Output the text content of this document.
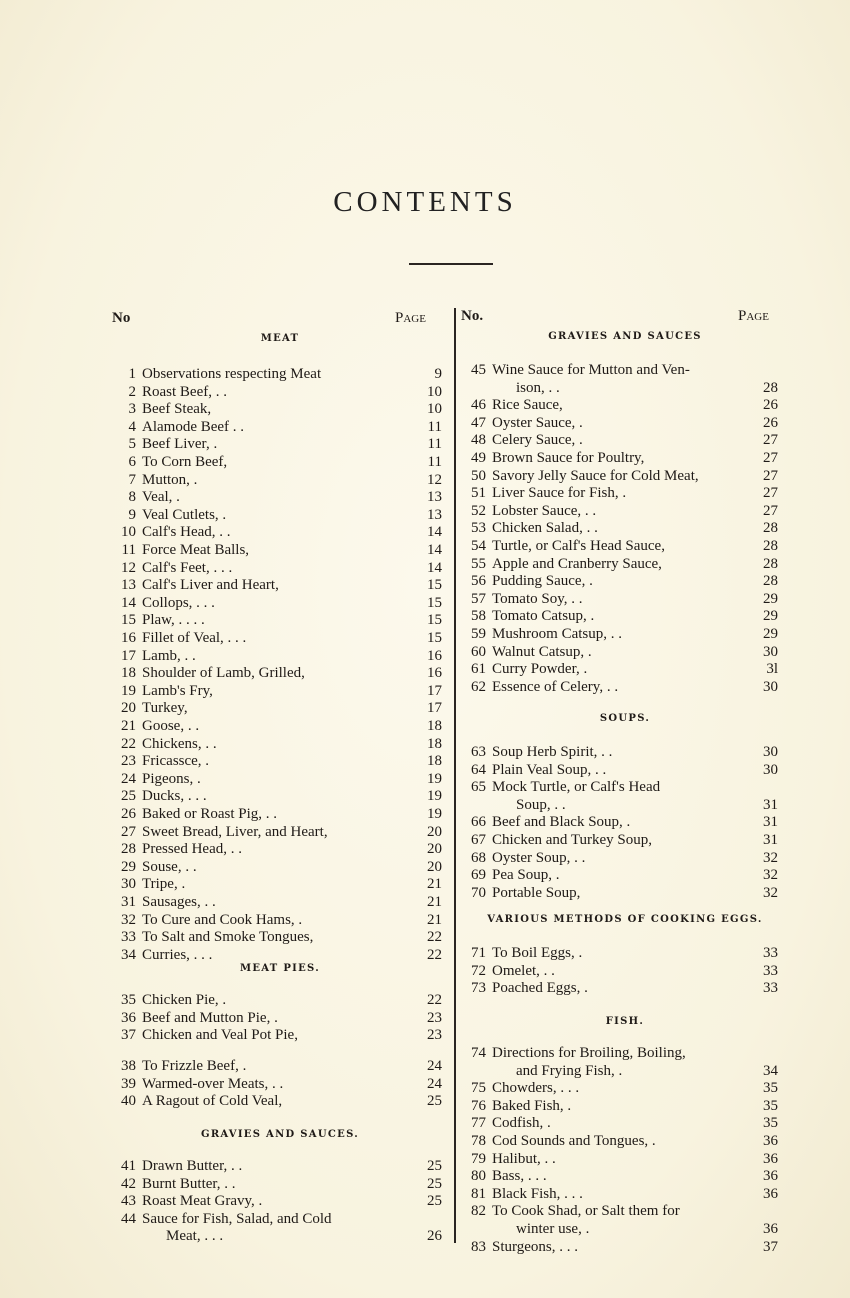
CONTENTS
No	Page No.	Page
MEAT
1 Observations respecting Meat	9
2 Roast Beef, . .	10
3 Beef Steak,	10
4 Alamode Beef . .	11
5 Beef Liver, .	11
6 To Corn Beef,	11
7 Mutton, .	12
8 Veal, .	13
9 Veal Cutlets, .	13
10 Calf's Head, . .	14
11 Force Meat Balls,	14
12 Calf's Feet, . . .	14
13 Calf's Liver and Heart,	15
14 Collops, . . .	15
15 Plaw, . . . .	15
16 Fillet of Veal, . . .	15
17 Lamb, . .	16
18 Shoulder of Lamb, Grilled,	16
19 Lamb's Fry,	17
20 Turkey,	17
21 Goose, . .	18
22 Chickens, . .	18
23 Fricassce, .	18
24 Pigeons, .	19
25 Ducks, . . .	19
26 Baked or Roast Pig, . .	19
27 Sweet Bread, Liver, and Heart,	20
28 Pressed Head, . .	20
29 Souse, . .	20
30 Tripe, .	21
31 Sausages, . .	21
32 To Cure and Cook Hams, .	21
33 To Salt and Smoke Tongues,	22
34 Curries, . . .	22
MEAT PIES.
35 Chicken Pie, .	22
36 Beef and Mutton Pie, .	23
37 Chicken and Veal Pot Pie,	23
38 To Frizzle Beef, .	24
39 Warmed-over Meats, . .	24
40 A Ragout of Cold Veal,	25
GRAVIES AND SAUCES.
41 Drawn Butter, . .	25
42 Burnt Butter, . .	25
43 Roast Meat Gravy, .	25
44 Sauce for Fish, Salad, and Cold
Meat, . . .	26
GRAVIES AND SAUCES
45 Wine Sauce for Mutton and Ven-
ison, . .	28
46 Rice Sauce,	26
47 Oyster Sauce, .	26
48 Celery Sauce, .	27
49 Brown Sauce for Poultry,	27
50 Savory Jelly Sauce for Cold Meat,	27
51 Liver Sauce for Fish, .	27
52 Lobster Sauce, . .	27
53 Chicken Salad, . .	28
54 Turtle, or Calf's Head Sauce,	28
55 Apple and Cranberry Sauce,	28
56 Pudding Sauce, .	28
57 Tomato Soy, . .	29
58 Tomato Catsup, .	29
59 Mushroom Catsup, . .	29
60 Walnut Catsup, .	30
61 Curry Powder, .	3l
62 Essence of Celery, . .	30
SOUPS.
63 Soup Herb Spirit, . .	30
64 Plain Veal Soup, . .	30
65 Mock Turtle, or Calf's Head
Soup, . .	31
66 Beef and Black Soup, .	31
67 Chicken and Turkey Soup,	31
68 Oyster Soup, . .	32
69 Pea Soup, .	32
70 Portable Soup,	32
VARIOUS METHODS OF COOKING EGGS.
71 To Boil Eggs, .	33
72 Omelet, . .	33
73 Poached Eggs, .	33
FISH.
74 Directions for Broiling, Boiling,
and Frying Fish, .	34
75 Chowders, . . .	35
76 Baked Fish, .	35
77 Codfish, .	35
78 Cod Sounds and Tongues, .	36
79 Halibut, . .	36
80 Bass, . . .	36
81 Black Fish, . . .	36
82 To Cook Shad, or Salt them for
winter use, .	36
83 Sturgeons, . . .	37
